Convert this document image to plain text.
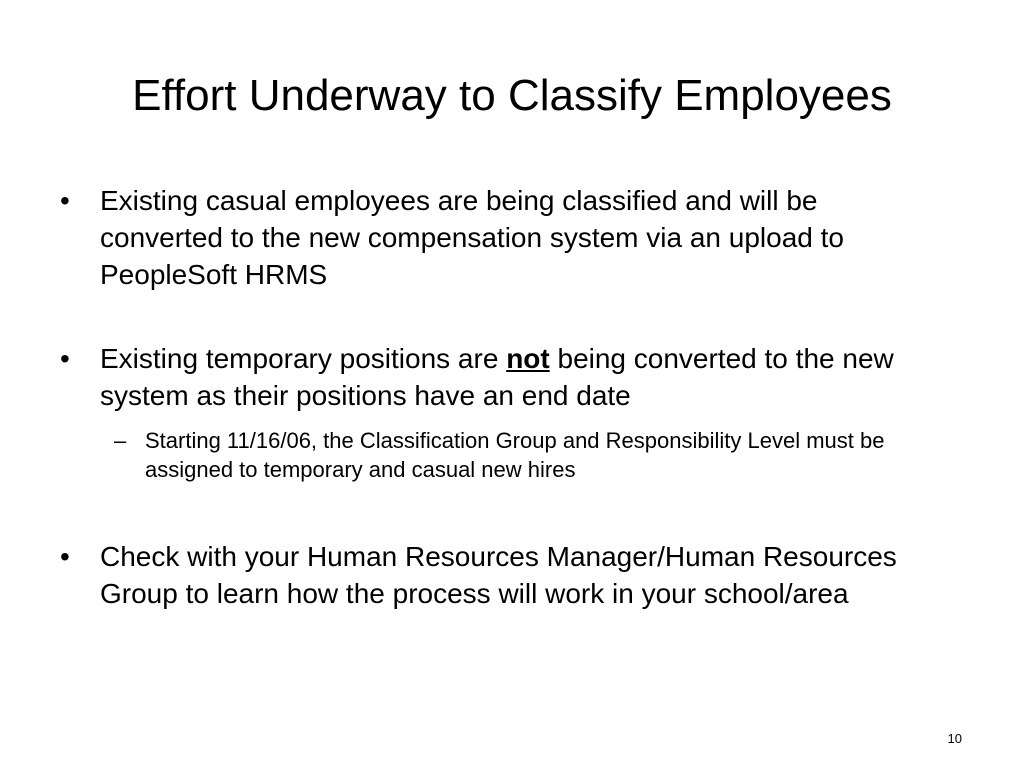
Effort Underway to Classify Employees
•	Existing casual employees are being classified and will be converted to the new compensation system via an upload to PeopleSoft HRMS
•	Existing temporary positions are not being converted to the new system as their positions have an end date
– Starting 11/16/06, the Classification Group and Responsibility Level must be assigned to temporary and casual new hires
•	Check with your Human Resources Manager/Human Resources Group to learn how the process will work in your school/area
10
